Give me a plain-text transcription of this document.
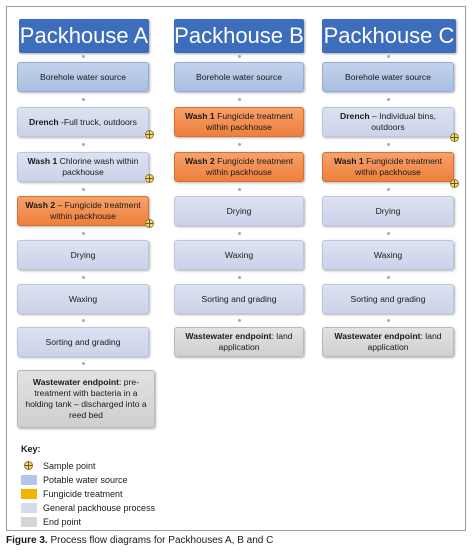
Packhouse A Packhouse B Packhouse C
Borehole water source
Drench -Full truck, outdoors
Wash 1 Chlorine wash within packhouse
Wash 2 – Fungicide treatment within packhouse
Drying
Waxing
Sorting and grading
Wastewater endpoint: pre-treatment with bacteria in a holding tank – discharged into a reed bed
Borehole water source
Wash 1 Fungicide treatment within packhouse
Wash 2 Fungicide treatment within packhouse
Drying
Waxing
Sorting and grading
Wastewater endpoint: land application
Borehole water source
Drench – Individual bins, outdoors
Wash 1 Fungicide treatment within packhouse
Drying
Waxing
Sorting and grading
Wastewater endpoint: land application
Key:
Sample point
Potable water source
Fungicide treatment
General packhouse process
End point
Figure 3. Process flow diagrams for Packhouses A, B and C
